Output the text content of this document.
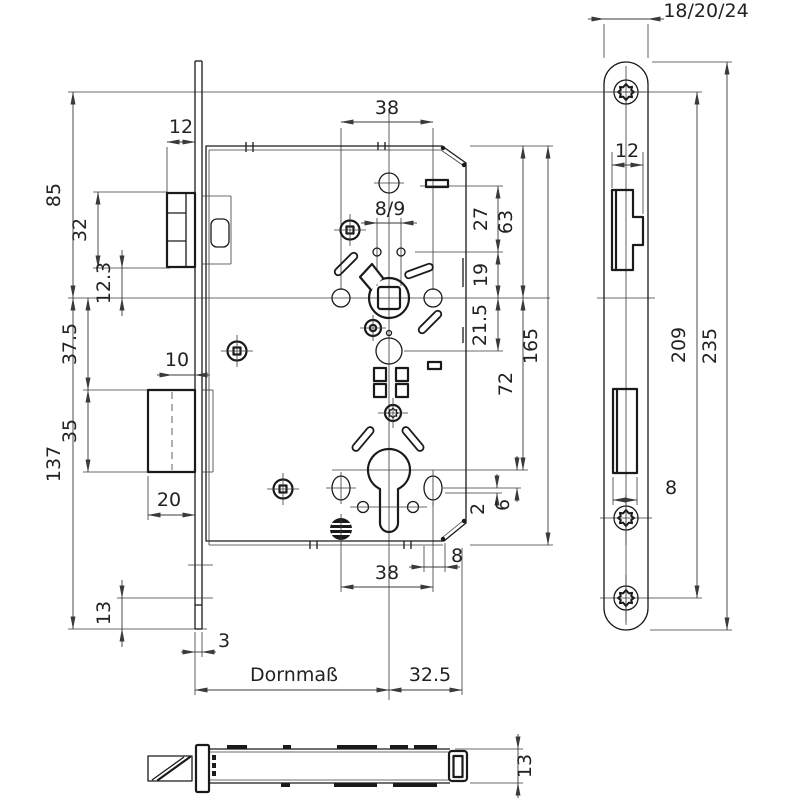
85
137
32
12.3
37.5
35
13
12
10
20
3
Dornmaß	32.5
38
8/9	27
19
21.5
63
72
165
2 6
8
38
18/20/24
12
8
209 235
13
